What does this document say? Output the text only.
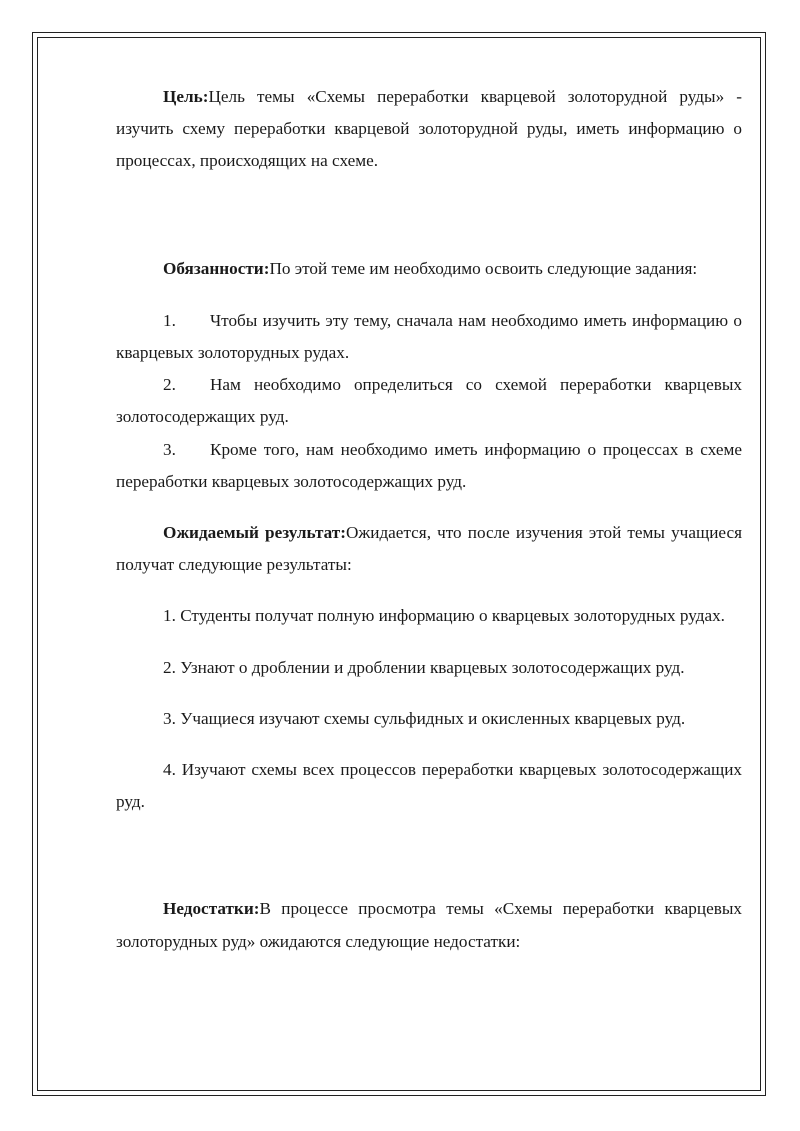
Цель:Цель темы «Схемы переработки кварцевой золоторудной руды» - изучить схему переработки кварцевой золоторудной руды, иметь информацию о процессах, происходящих на схеме.

Обязанности:По этой теме им необходимо освоить следующие задания:

1. Чтобы изучить эту тему, сначала нам необходимо иметь информацию о кварцевых золоторудных рудах.

2. Нам необходимо определиться со схемой переработки кварцевых золотосодержащих руд.

3. Кроме того, нам необходимо иметь информацию о процессах в схеме переработки кварцевых золотосодержащих руд.

Ожидаемый результат:Ожидается, что после изучения этой темы учащиеся получат следующие результаты:

1. Студенты получат полную информацию о кварцевых золоторудных рудах.

2. Узнают о дроблении и дроблении кварцевых золотосодержащих руд.

3. Учащиеся изучают схемы сульфидных и окисленных кварцевых руд.

4. Изучают схемы всех процессов переработки кварцевых золотосодержащих руд.

Недостатки:В процессе просмотра темы «Схемы переработки кварцевых золоторудных руд» ожидаются следующие недостатки:
